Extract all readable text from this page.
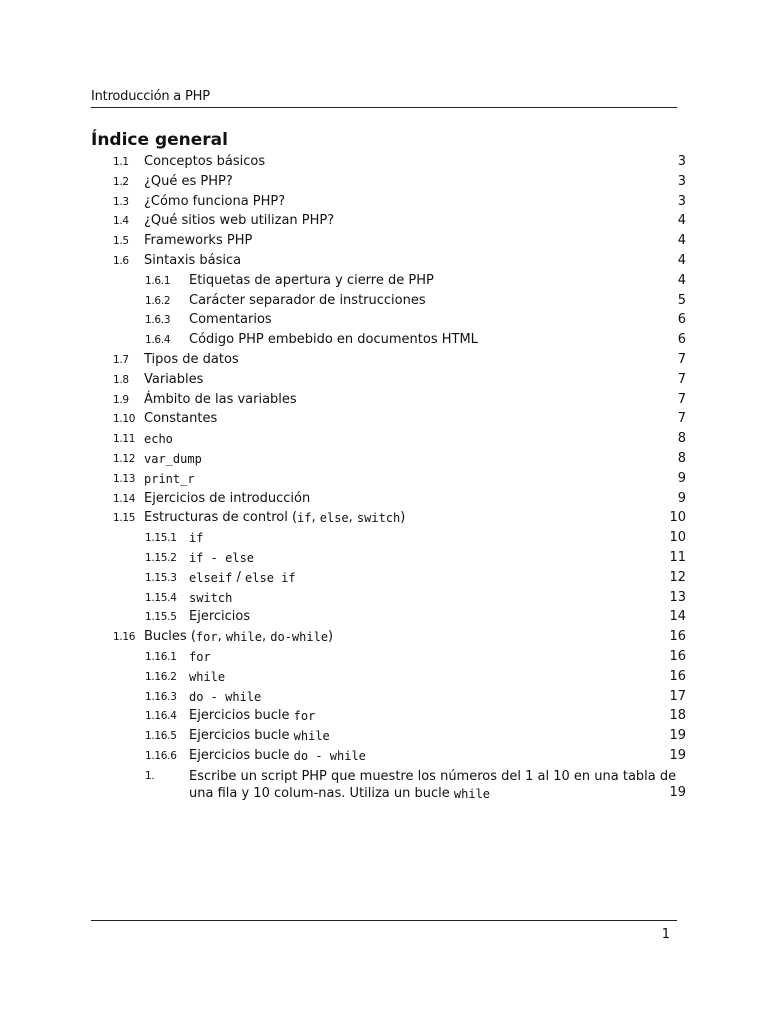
Introducción a PHP
Índice general
1.1 Conceptos básicos	3
1.2 ¿Qué es PHP?	3
1.3 ¿Cómo funciona PHP?	3
1.4 ¿Qué sitios web utilizan PHP?	4
1.5 Frameworks PHP	4
1.6 Sintaxis básica	4
1.6.1 Etiquetas de apertura y cierre de PHP	4
1.6.2 Carácter separador de instrucciones	5
1.6.3 Comentarios	6
1.6.4 Código PHP embebido en documentos HTML	6
1.7 Tipos de datos	7
1.8 Variables	7
1.9 Ámbito de las variables	7
1.10 Constantes	7
1.11 echo	8
1.12 var_dump	8
1.13 print_r	9
1.14 Ejercicios de introducción	9
1.15 Estructuras de control (if, else, switch)	10
1.15.1 if	10
1.15.2 if - else	11
1.15.3 elseif / else if	12
1.15.4 switch	13
1.15.5 Ejercicios	14
1.16 Bucles (for, while, do-while)	16
1.16.1 for	16
1.16.2 while	16
1.16.3 do - while	17
1.16.4 Ejercicios bucle for	18
1.16.5 Ejercicios bucle while	19
1.16.6 Ejercicios bucle do - while	19
1.	Escribe un script PHP que muestre los números del 1 al 10 en una tabla de una fila y 10 colum-nas. Utiliza un bucle while	19
1
